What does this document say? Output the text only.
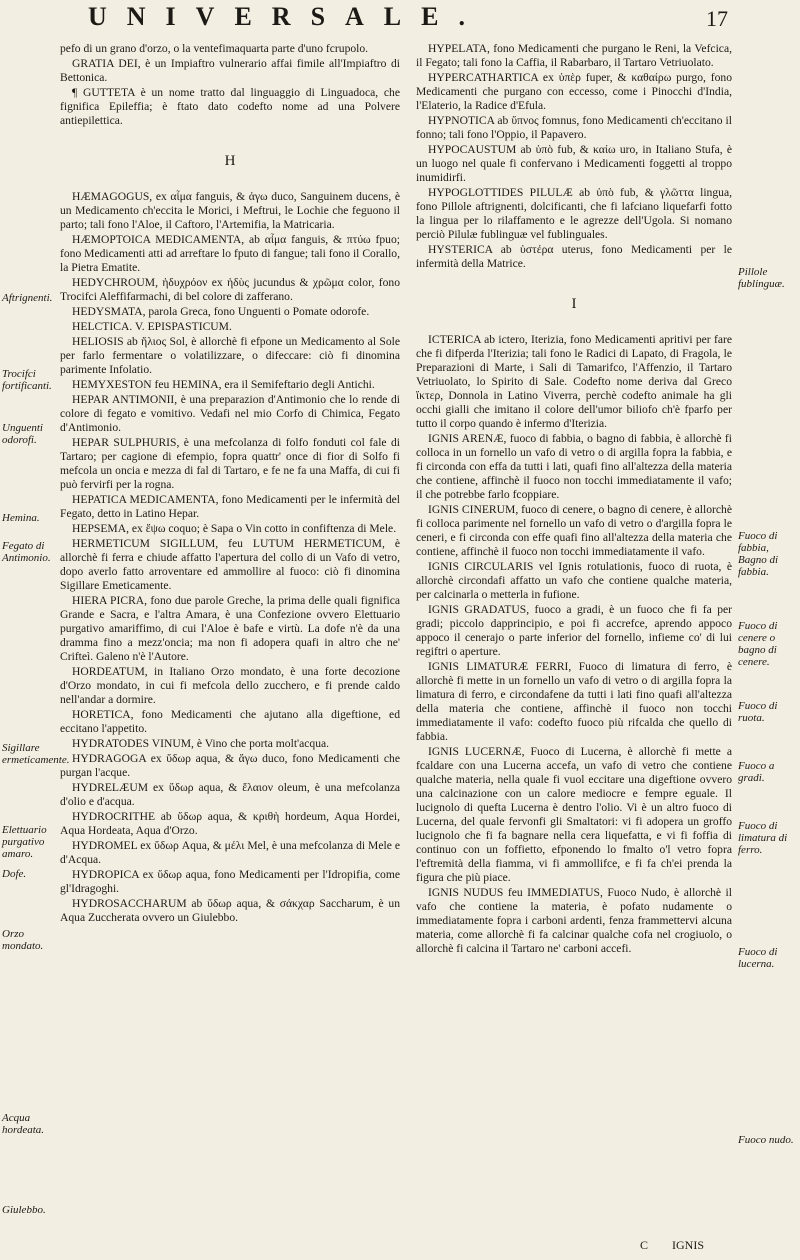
UNIVERSALE.	17

pefo di un grano d'orzo, o la ventefimaquarta parte d'uno fcrupolo.

GRATIA DEI, è un Impiaftro vulnerario affai fimile all'Impiaftro di Bettonica.

¶ GUTTETA è un nome tratto dal linguaggio di Linguadoca, che fignifica Epileffia; è ftato dato codefto nome ad una Polvere antiepilettica.

H

HÆMAGOGUS, ex αἷμα fanguis, & ἀγω duco, Sanguinem ducens, è un Medicamento ch'eccita le Morici, i Meftrui, le Lochie che feguono il parto; tali fono l'Aloe, il Caftoro, l'Artemifia, la Matricaria.

HÆMOPTOICA MEDICAMENTA, ab αἷμα fanguis, & πτύω fpuo; fono Medicamenti atti ad arreftare lo fputo di fangue; tali fono il Corallo, la Pietra Ematite.

HEDYCHROUM, ἡδυχρόον ex ἡδὺς jucundus & χρῶμα color, fono Trocifci Aleffifarmachi, di bel colore di zafferano.

HEDYSMATA, parola Greca, fono Unguenti o Pomate odorofe.

HELCTICA. V. EPISPASTICUM.

HELIOSIS ab ἥλιος Sol, è allorchè fi efpone un Medicamento al Sole per farlo fermentare o volatilizzare, o difeccare: ciò fi dinomina parimente Infolatio.

HEMYXESTON feu HEMINA, era il Semifeftario degli Antichi.

HEPAR ANTIMONII, è una preparazion d'Antimonio che lo rende di colore di fegato e vomitivo. Vedafi nel mio Corfo di Chimica, Fegato d'Antimonio.

HEPAR SULPHURIS, è una mefcolanza di folfo fonduti col fale di Tartaro; per cagione di efempio, fopra quattr' once di fior di Solfo fi mefcola un oncia e mezza di fal di Tartaro, e fe ne fa una Maffa, di cui fi può fervirfi per la rogna.

HEPATICA MEDICAMENTA, fono Medicamenti per le infermità del Fegato, detto in Latino Hepar.

HEPSEMA, ex ἕψω coquo; è Sapa o Vin cotto in confiftenza di Mele.

HERMETICUM SIGILLUM, feu LUTUM HERMETICUM, è allorchè fi ferra e chiude affatto l'apertura del collo di un Vafo di vetro, dopo averlo fatto arroventare ed ammollire al fuoco: ciò fi dinomina Sigillare Emeticamente.

HIERA PICRA, fono due parole Greche, la prima delle quali fignifica Grande e Sacra, e l'altra Amara, è una Confezione ovvero Elettuario purgativo amariffimo, di cui l'Aloe è bafe e virtù. La dofe n'è da una dramma fino a mezz'oncia; ma non fi adopera quafi in altro che ne' Crifteì. Galeno n'è l'Autore.

HORDEATUM, in Italiano Orzo mondato, è una forte decozione d'Orzo mondato, in cui fi mefcola dello zucchero, e fi prende caldo nell'andar a dormire.

HORETICA, fono Medicamenti che ajutano alla digeftione, ed eccitano l'appetito.

HYDRATODES VINUM, è Vino che porta molt'acqua.

HYDRAGOGA ex ὕδωρ aqua, & ἄγω duco, fono Medicamenti che purgan l'acque.

HYDRELÆUM ex ὕδωρ aqua, & ἔλαιον oleum, è una mefcolanza d'olio e d'acqua.

HYDROCRITHE ab ὕδωρ aqua, & κριθὴ hordeum, Aqua Hordei, Aqua Hordeata, Aqua d'Orzo.

HYDROMEL ex ὕδωρ Aqua, & μέλι Mel, è una mefcolanza di Mele e d'Acqua.

HYDROPICA ex ὕδωρ aqua, fono Medicamenti per l'Idropifia, come gl'Idragoghi.

HYDROSACCHARUM ab ὕδωρ aqua, & σάκχαρ Saccharum, è un Aqua Zuccherata ovvero un Giulebbo.

HYPELATA, fono Medicamenti che purgano le Reni, la Vefcica, il Fegato; tali fono la Caffia, il Rabarbaro, il Tartaro Vetriuolato.

HYPERCATHARTICA ex ὑπὲρ fuper, & καθαίρω purgo, fono Medicamenti che purgano con eccesso, come i Pinocchi d'India, l'Elaterio, la Radice d'Efula.

HYPNOTICA ab ὕπνος fomnus, fono Medicamenti ch'eccitano il fonno; tali fono l'Oppio, il Papavero.

HYPOCAUSTUM ab ὑπὸ fub, & καίω uro, in Italiano Stufa, è un luogo nel quale fi confervano i Medicamenti foggetti al troppo inumidirfi.

HYPOGLOTTIDES PILULÆ ab ὑπὸ fub, & γλῶττα lingua, fono Pillole aftrignenti, dolcificanti, che fi lafciano liquefarfi fotto la lingua per lo rilaffamento e le agrezze dell'Ugola. Si nomano perciò Pilulæ fublinguæ vel fublinguales.

HYSTERICA ab ὑστέρα uterus, fono Medicamenti per le infermità della Matrice.

I

ICTERICA ab ictero, Iterizia, fono Medicamenti apritivi per fare che fi difperda l'Iterizia; tali fono le Radici di Lapato, di Fragola, le Preparazioni di Marte, i Sali di Tamarifco, l'Affenzio, il Tartaro Vetriuolato, lo Spirito di Sale. Codefto nome deriva dal Greco ἴκτερ, Donnola in Latino Viverra, perchè codefto animale ha gli occhi gialli che imitano il colore dell'umor biliofo ch'è fparfo per tutto il corpo quando è infermo d'Iterizia.

IGNIS ARENÆ, fuoco di fabbia, o bagno di fabbia, è allorchè fi colloca in un fornello un vafo di vetro o di argilla fopra la fabbia, e fi circonda con effa da tutti i lati, quafi fino all'altezza della materia che contiene, affinchè il fuoco non tocchi immediatamente il vafo; il che potrebbe farlo fcoppiare.

IGNIS CINERUM, fuoco di cenere, o bagno di cenere, è allorchè fi colloca parimente nel fornello un vafo di vetro o d'argilla fopra le ceneri, e fi circonda con effe quafi fino all'altezza della materia che contiene, affinchè il fuoco non tocchi immediatamente il vafo.

IGNIS CIRCULARIS vel Ignis rotulationis, fuoco di ruota, è allorchè circondafi affatto un vafo che contiene qualche materia, per calcinarla o metterla in fufione.

IGNIS GRADATUS, fuoco a gradi, è un fuoco che fi fa per gradi; piccolo dapprincipio, e poi fi accrefce, aprendo appoco appoco il cenerajo o parte inferior del fornello, infieme co' di lui regiftri o aperture.

IGNIS LIMATURÆ FERRI, Fuoco di limatura di ferro, è allorchè fi mette in un fornello un vafo di vetro o di argilla fopra la limatura di ferro, e circondafene da tutti i lati fino quafi all'altezza della materia che contiene, affinchè il fuoco non tocchi immediatamente il vafo: codefto fuoco più rifcalda che quello di fabbia.

IGNIS LUCERNÆ, Fuoco di Lucerna, è allorchè fi mette a fcaldare con una Lucerna accefa, un vafo di vetro che contiene qualche materia, nella quale fi vuol eccitare una digeftione ovvero una calcinazione con un calore mediocre e fempre eguale. Il lucignolo di quefta Lucerna è dentro l'olio. Vi è un altro fuoco di Lucerna, del quale fervonfi gli Smaltatori: vi fi adopera un groffo lucignolo che fi fa bagnare nella cera liquefatta, e vi fi foffia di continuo con un foffietto, efponendo lo fmalto o'l vetro fopra l'eftremità della fiamma, vi fi ammollifce, e fi fa ch'ei prenda la figura che più piace.

IGNIS NUDUS feu IMMEDIATUS, Fuoco Nudo, è allorchè il vafo che contiene la materia, è pofato nudamente o immediatamente fopra i carboni ardenti, fenza frammettervi alcuna materia, come allorchè fi fa calcinar qualche cofa nel crogiuolo, o allorchè fi calcina il Tartaro ne' carboni accefi.

Aftrignenti.
Trocifci fortificanti.
Unguenti odorofi.
Hemina.
Fegato di Antimonio.
Sigillare ermeticamente.
Elettuario purgativo amaro.
Dofe.
Orzo mondato.
Acqua hordeata.
Giulebbo.
Pillole fublinguæ.
Fuoco di fabbia, Bagno di fabbia.
Fuoco di cenere o bagno di cenere.
Fuoco di ruota.
Fuoco a gradi.
Fuoco di limatura di ferro.
Fuoco di lucerna.
Fuoco nudo.
C IGNIS
